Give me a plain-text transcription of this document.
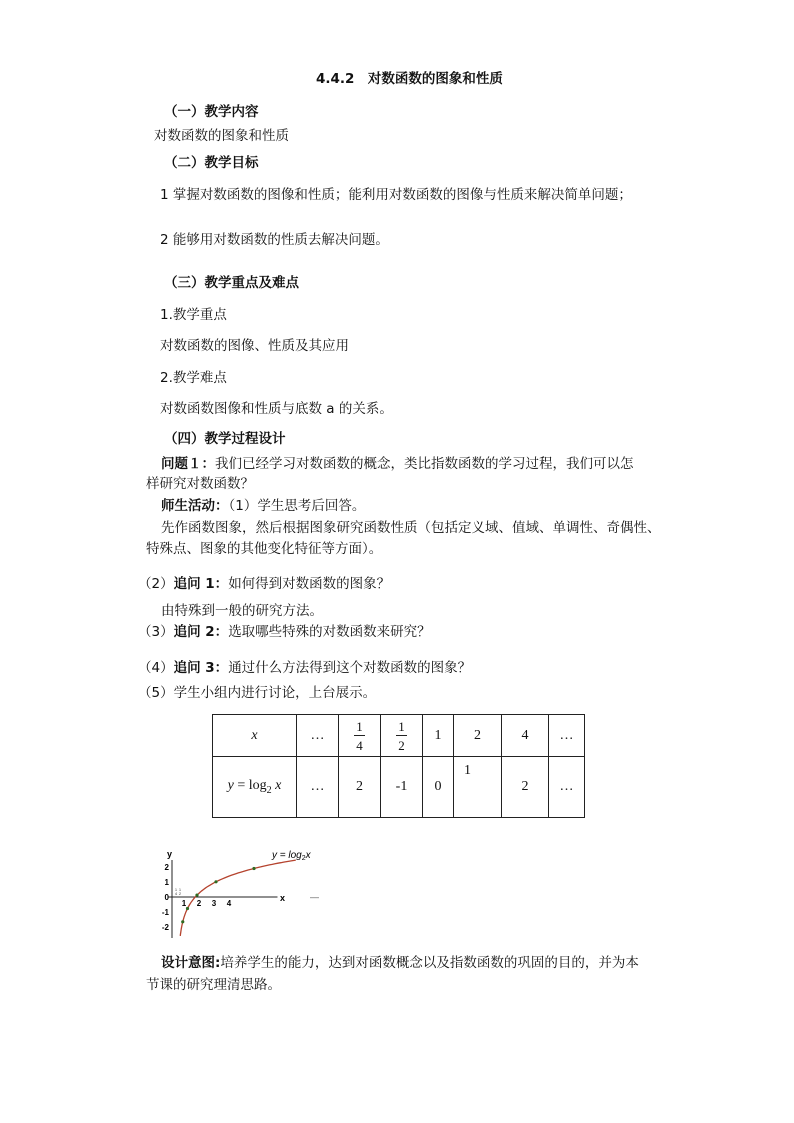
4.4.2　对数函数的图象和性质
（一）教学内容
对数函数的图象和性质
（二）教学目标
1 掌握对数函数的图像和性质；能利用对数函数的图像与性质来解决简单问题；
2 能够用对数函数的性质去解决问题。
（三）教学重点及难点
1.教学重点
对数函数的图像、性质及其应用
2.教学难点
对数函数图像和性质与底数 a 的关系。
（四）教学过程设计
问题１：我们已经学习对数函数的概念，类比指数函数的学习过程，我们可以怎
样研究对数函数？
师生活动：（1）学生思考后回答。
先作函数图象，然后根据图象研究函数性质（包括定义域、值域、单调性、奇偶性、
特殊点、图象的其他变化特征等方面）。
（2）追问 1：如何得到对数函数的图象？
由特殊到一般的研究方法。
（3）追问 2：选取哪些特殊的对数函数来研究？
（4）追问 3：通过什么方法得到这个对数函数的图象？
（5）学生小组内进行讨论，上台展示。
x	…	$\frac{1}{4}$	$\frac{1}{2}$	1	2	4	…
$y = \log_2 x$	…	2	-1	0	1	2	…
x
y
—
1 2 3 4
2
1
0
-1
-2
1
4
1
2
$y = \log_2x$
设计意图:培养学生的能力，达到对函数概念以及指数函数的巩固的目的，并为本
节课的研究理清思路。
